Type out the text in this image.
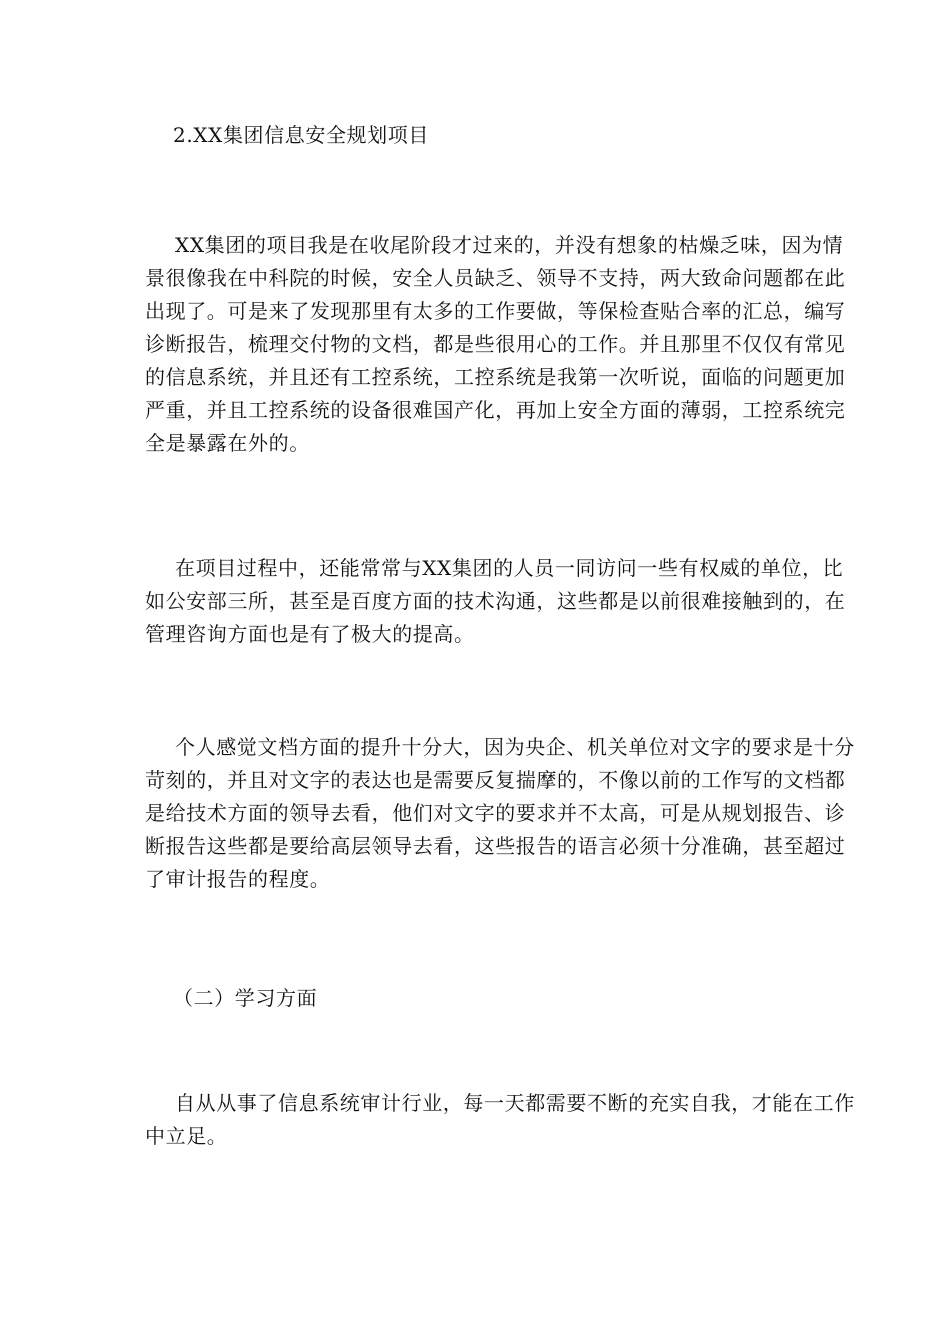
2.XX集团信息安全规划项目

XX集团的项目我是在收尾阶段才过来的，并没有想象的枯燥乏味，因为情
景很像我在中科院的时候，安全人员缺乏、领导不支持，两大致命问题都在此
出现了。可是来了发现那里有太多的工作要做，等保检查贴合率的汇总，编写
诊断报告，梳理交付物的文档，都是些很用心的工作。并且那里不仅仅有常见
的信息系统，并且还有工控系统，工控系统是我第一次听说，面临的问题更加
严重，并且工控系统的设备很难国产化，再加上安全方面的薄弱，工控系统完
全是暴露在外的。

在项目过程中，还能常常与XX集团的人员一同访问一些有权威的单位，比
如公安部三所，甚至是百度方面的技术沟通，这些都是以前很难接触到的，在
管理咨询方面也是有了极大的提高。

个人感觉文档方面的提升十分大，因为央企、机关单位对文字的要求是十分
苛刻的，并且对文字的表达也是需要反复揣摩的，不像以前的工作写的文档都
是给技术方面的领导去看，他们对文字的要求并不太高，可是从规划报告、诊
断报告这些都是要给高层领导去看，这些报告的语言必须十分准确，甚至超过
了审计报告的程度。

（二）学习方面

自从从事了信息系统审计行业，每一天都需要不断的充实自我，才能在工作
中立足。
